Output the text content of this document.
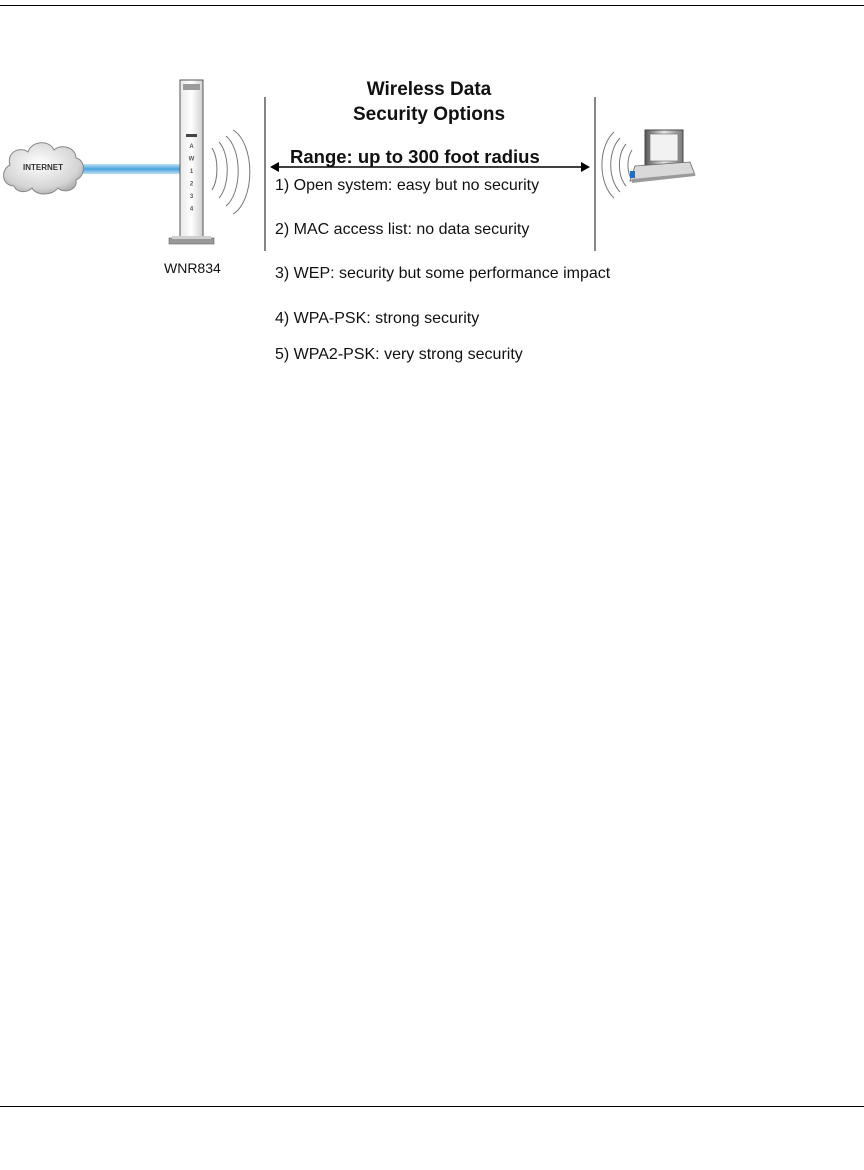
A
W
1
2
3
4
INTERNET
WNR834
Wireless Data
Security Options
Range: up to 300 foot radius
1) Open system: easy but no security
2) MAC access list: no data security
3) WEP: security but some performance impact
4) WPA-PSK: strong security
5) WPA2-PSK: very strong security
